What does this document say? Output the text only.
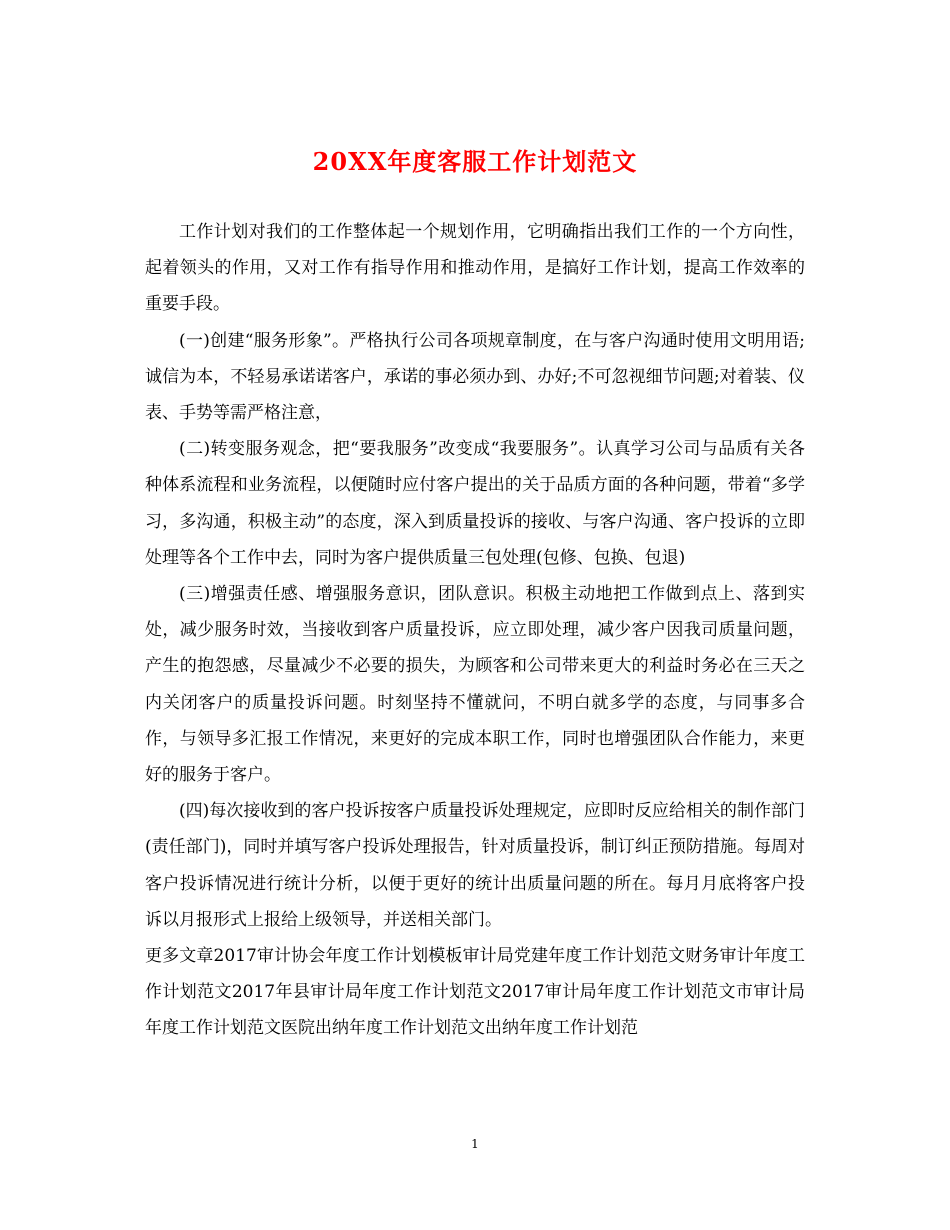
20XX年度客服工作计划范文

工作计划对我们的工作整体起一个规划作用，它明确指出我们工作的一个方向性，起着领头的作用，又对工作有指导作用和推动作用，是搞好工作计划，提高工作效率的重要手段。

(一)创建“服务形象”。严格执行公司各项规章制度，在与客户沟通时使用文明用语;诚信为本，不轻易承诺诺客户，承诺的事必须办到、办好;不可忽视细节问题;对着装、仪表、手势等需严格注意，

(二)转变服务观念，把“要我服务”改变成“我要服务”。认真学习公司与品质有关各种体系流程和业务流程，以便随时应付客户提出的关于品质方面的各种问题，带着“多学习，多沟通，积极主动”的态度，深入到质量投诉的接收、与客户沟通、客户投诉的立即处理等各个工作中去，同时为客户提供质量三包处理(包修、包换、包退)

(三)增强责任感、增强服务意识，团队意识。积极主动地把工作做到点上、落到实处，减少服务时效，当接收到客户质量投诉，应立即处理，减少客户因我司质量问题，产生的抱怨感，尽量减少不必要的损失，为顾客和公司带来更大的利益时务必在三天之内关闭客户的质量投诉问题。时刻坚持不懂就问，不明白就多学的态度，与同事多合作，与领导多汇报工作情况，来更好的完成本职工作，同时也增强团队合作能力，来更好的服务于客户。

(四)每次接收到的客户投诉按客户质量投诉处理规定，应即时反应给相关的制作部门(责任部门)，同时并填写客户投诉处理报告，针对质量投诉，制订纠正预防措施。每周对客户投诉情况进行统计分析，以便于更好的统计出质量问题的所在。每月月底将客户投诉以月报形式上报给上级领导，并送相关部门。

更多文章2017审计协会年度工作计划模板审计局党建年度工作计划范文财务审计年度工作计划范文2017年县审计局年度工作计划范文2017审计局年度工作计划范文市审计局年度工作计划范文医院出纳年度工作计划范文出纳年度工作计划范

1
